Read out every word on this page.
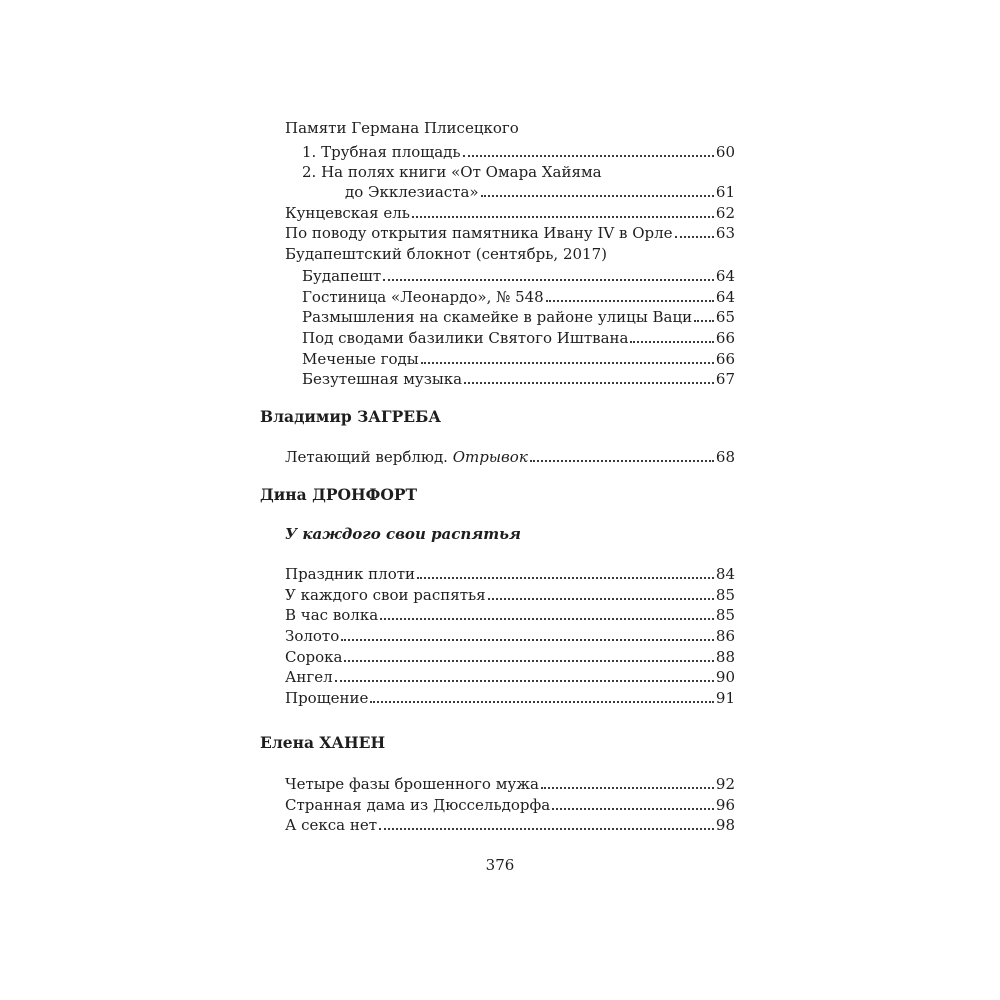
Памяти Германа Плисецкого
1. Трубная площадь	60
2. На полях книги «От Омара Хайяма
до Экклезиаста»	61
Кунцевская ель	62
По поводу открытия памятника Ивану IV в Орле	63
Будапештский блокнот (сентябрь, 2017)
Будапешт	64
Гостиница «Леонардо», № 548	64
Размышления на скамейке в районе улицы Ваци 65
Под сводами базилики Святого Иштвана	66
Меченые годы	66
Безутешная музыка	67
Владимир ЗАГРЕБА
Летающий верблюд. Отрывок	68
Дина ДРОНФОРТ
У каждого свои распятья
Праздник плоти	84
У каждого свои распятья	85
В час волка	85
Золото	86
Сорока	88
Ангел	90
Прощение	91
Елена ХАНЕН
Четыре фазы брошенного мужа	92
Странная дама из Дюссельдорфа	96
А секса нет	98
376
